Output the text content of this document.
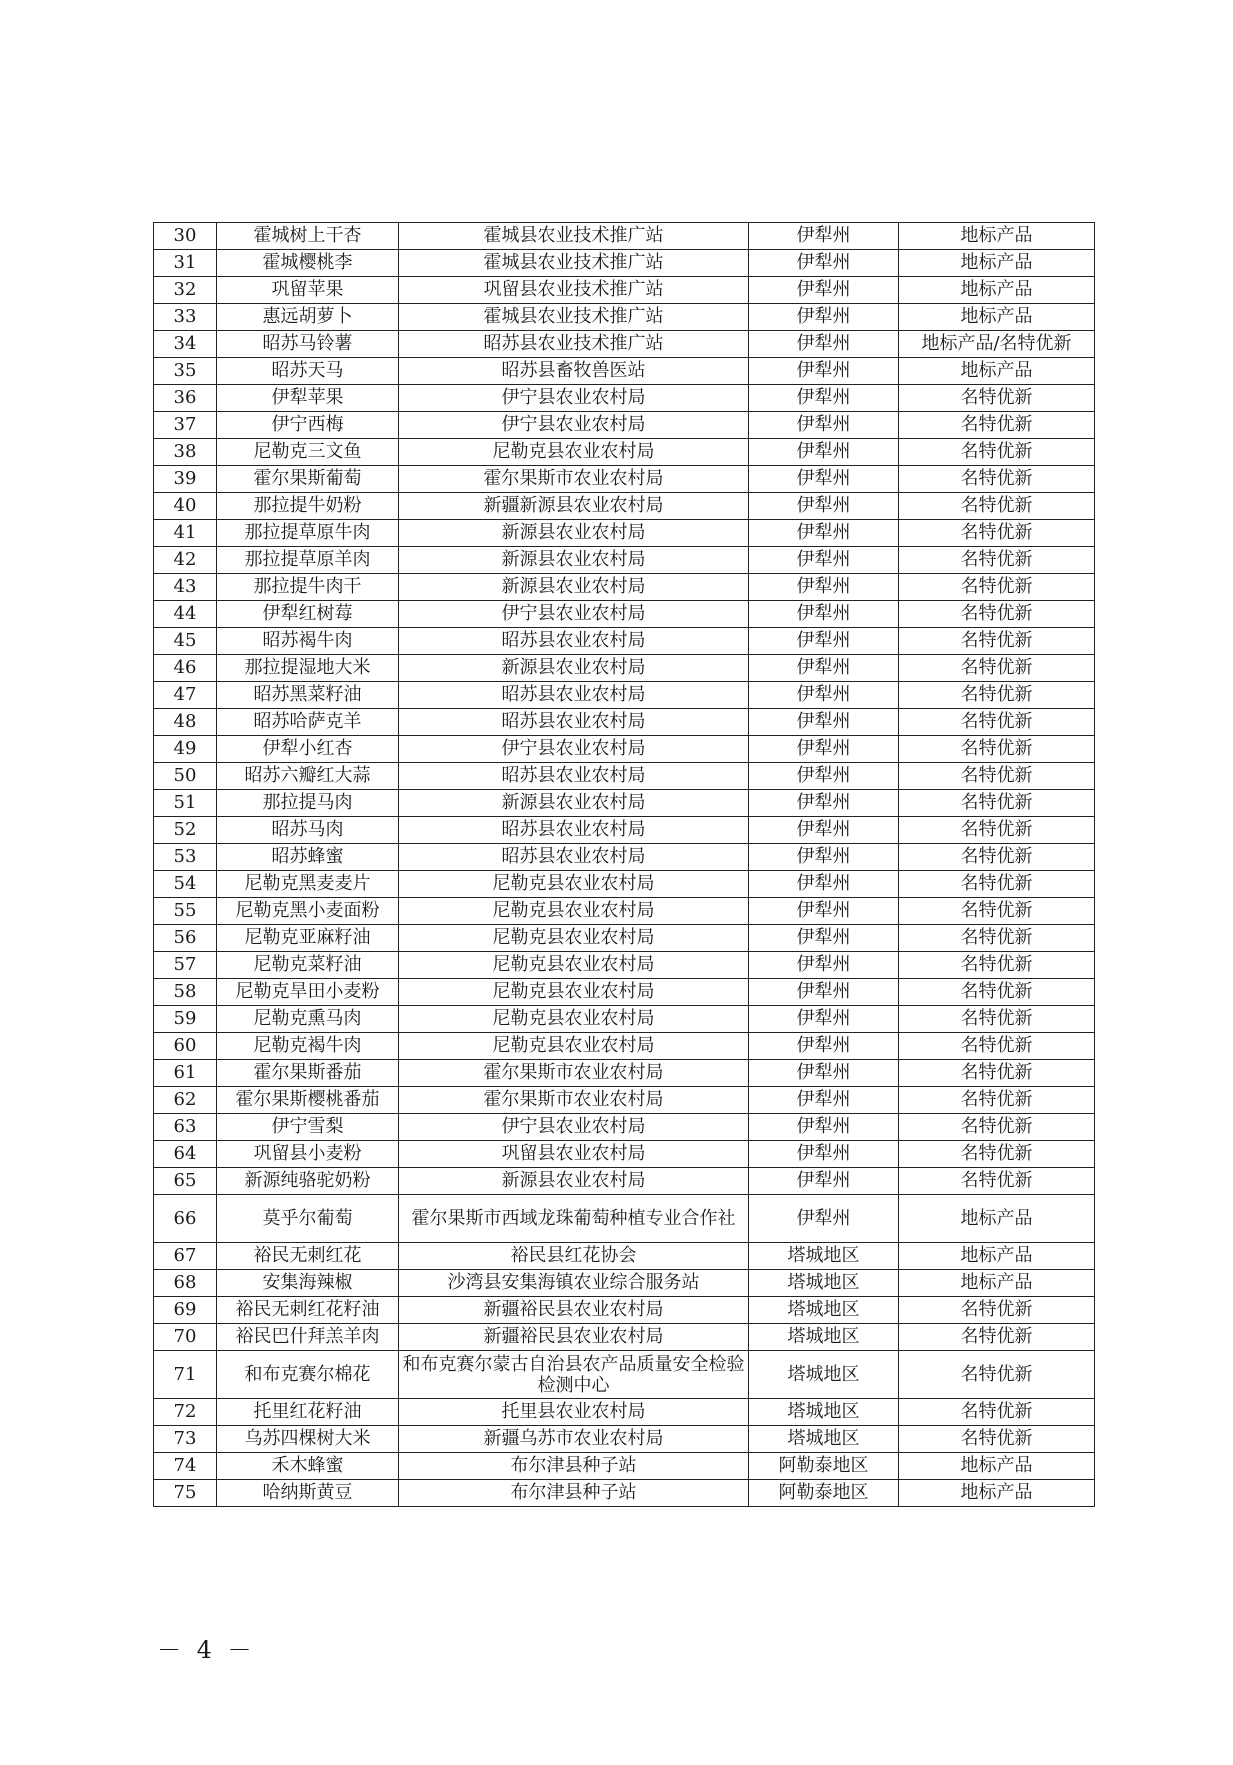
30	霍城树上干杏	霍城县农业技术推广站	伊犁州	地标产品
31	霍城樱桃李	霍城县农业技术推广站	伊犁州	地标产品
32	巩留苹果	巩留县农业技术推广站	伊犁州	地标产品
33	惠远胡萝卜	霍城县农业技术推广站	伊犁州	地标产品
34	昭苏马铃薯	昭苏县农业技术推广站	伊犁州	地标产品/名特优新
35	昭苏天马	昭苏县畜牧兽医站	伊犁州	地标产品
36	伊犁苹果	伊宁县农业农村局	伊犁州	名特优新
37	伊宁西梅	伊宁县农业农村局	伊犁州	名特优新
38	尼勒克三文鱼	尼勒克县农业农村局	伊犁州	名特优新
39	霍尔果斯葡萄	霍尔果斯市农业农村局	伊犁州	名特优新
40	那拉提牛奶粉	新疆新源县农业农村局	伊犁州	名特优新
41	那拉提草原牛肉	新源县农业农村局	伊犁州	名特优新
42	那拉提草原羊肉	新源县农业农村局	伊犁州	名特优新
43	那拉提牛肉干	新源县农业农村局	伊犁州	名特优新
44	伊犁红树莓	伊宁县农业农村局	伊犁州	名特优新
45	昭苏褐牛肉	昭苏县农业农村局	伊犁州	名特优新
46	那拉提湿地大米	新源县农业农村局	伊犁州	名特优新
47	昭苏黑菜籽油	昭苏县农业农村局	伊犁州	名特优新
48	昭苏哈萨克羊	昭苏县农业农村局	伊犁州	名特优新
49	伊犁小红杏	伊宁县农业农村局	伊犁州	名特优新
50	昭苏六瓣红大蒜	昭苏县农业农村局	伊犁州	名特优新
51	那拉提马肉	新源县农业农村局	伊犁州	名特优新
52	昭苏马肉	昭苏县农业农村局	伊犁州	名特优新
53	昭苏蜂蜜	昭苏县农业农村局	伊犁州	名特优新
54	尼勒克黑麦麦片	尼勒克县农业农村局	伊犁州	名特优新
55	尼勒克黑小麦面粉	尼勒克县农业农村局	伊犁州	名特优新
56	尼勒克亚麻籽油	尼勒克县农业农村局	伊犁州	名特优新
57	尼勒克菜籽油	尼勒克县农业农村局	伊犁州	名特优新
58	尼勒克旱田小麦粉	尼勒克县农业农村局	伊犁州	名特优新
59	尼勒克熏马肉	尼勒克县农业农村局	伊犁州	名特优新
60	尼勒克褐牛肉	尼勒克县农业农村局	伊犁州	名特优新
61	霍尔果斯番茄	霍尔果斯市农业农村局	伊犁州	名特优新
62	霍尔果斯樱桃番茄	霍尔果斯市农业农村局	伊犁州	名特优新
63	伊宁雪梨	伊宁县农业农村局	伊犁州	名特优新
64	巩留县小麦粉	巩留县农业农村局	伊犁州	名特优新
65	新源纯骆驼奶粉	新源县农业农村局	伊犁州	名特优新
66	莫乎尔葡萄	霍尔果斯市西域龙珠葡萄种植专业合作社	伊犁州	地标产品
67	裕民无刺红花	裕民县红花协会	塔城地区	地标产品
68	安集海辣椒	沙湾县安集海镇农业综合服务站	塔城地区	地标产品
69	裕民无刺红花籽油	新疆裕民县农业农村局	塔城地区	名特优新
70	裕民巴什拜羔羊肉	新疆裕民县农业农村局	塔城地区	名特优新
71	和布克赛尔棉花	和布克赛尔蒙古自治县农产品质量安全检验检测中心	塔城地区	名特优新
72	托里红花籽油	托里县农业农村局	塔城地区	名特优新
73	乌苏四棵树大米	新疆乌苏市农业农村局	塔城地区	名特优新
74	禾木蜂蜜	布尔津县种子站	阿勒泰地区	地标产品
75	哈纳斯黄豆	布尔津县种子站	阿勒泰地区	地标产品
－ 4 －
